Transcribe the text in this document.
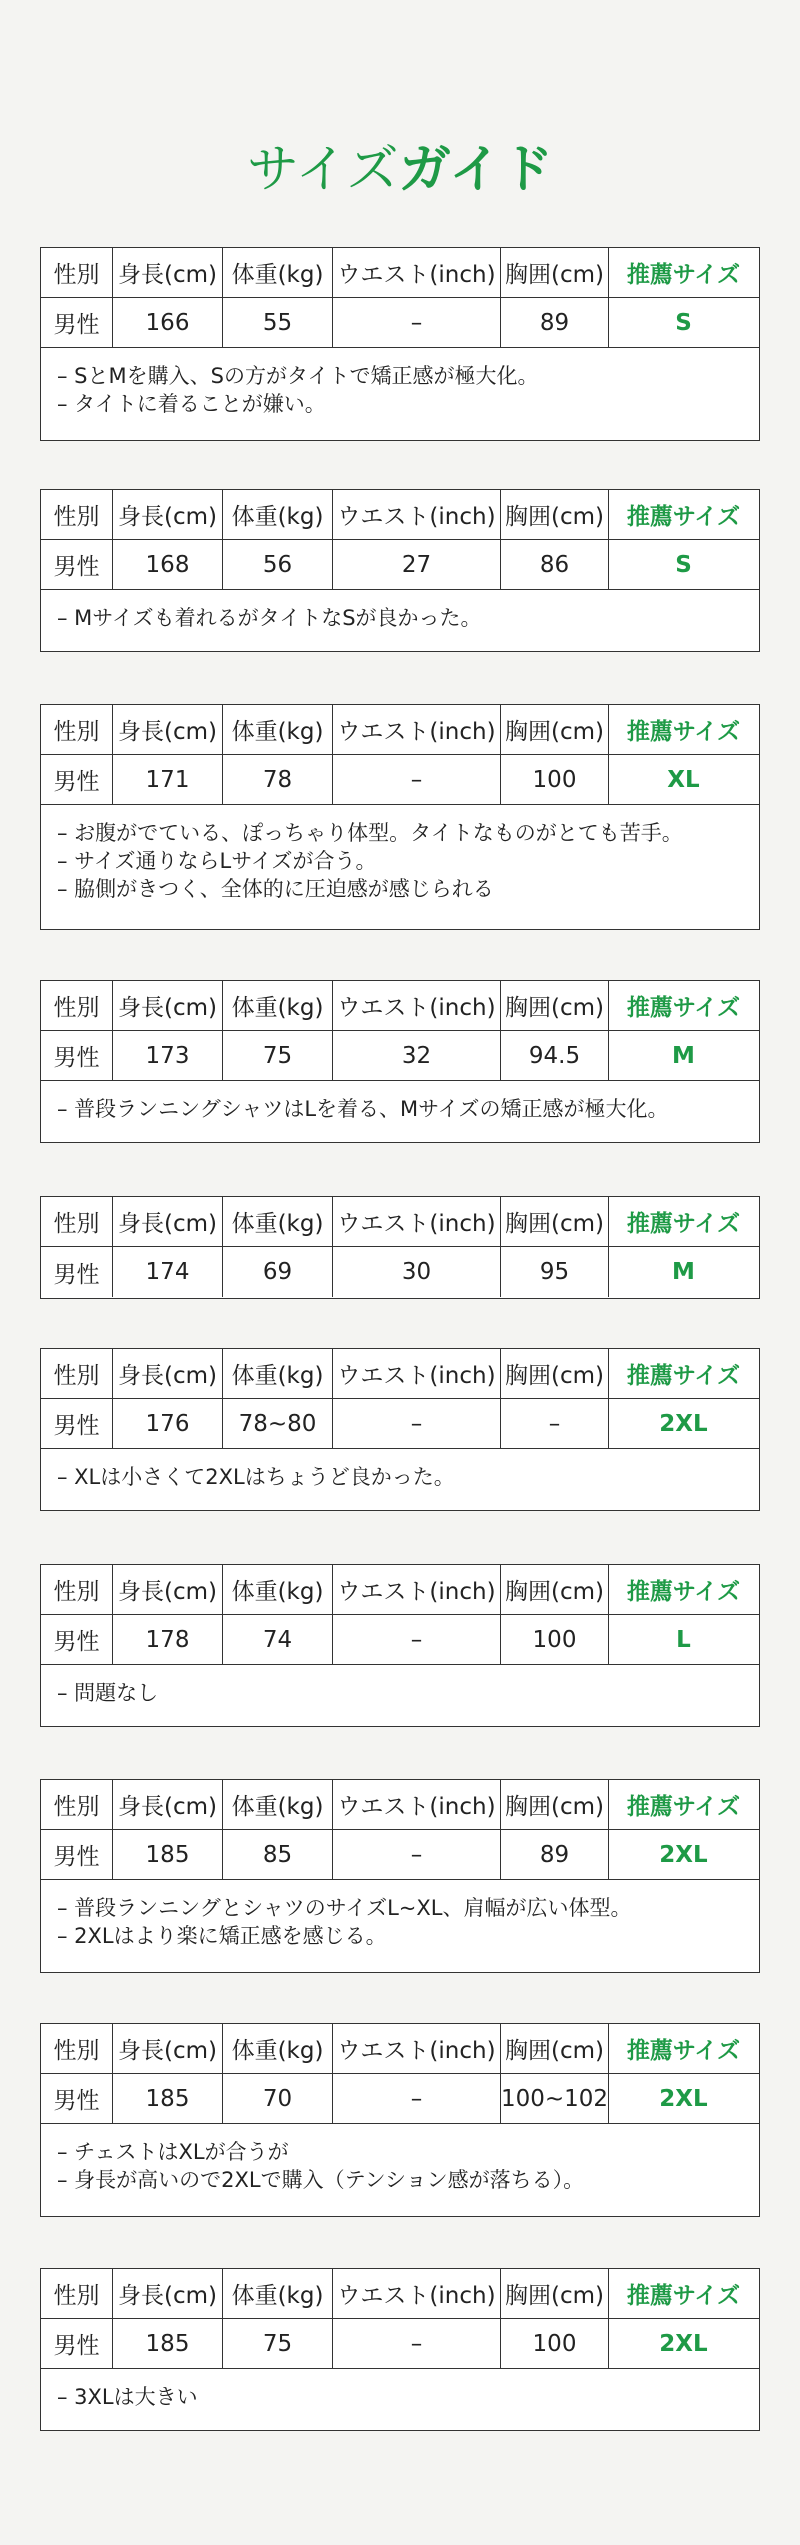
サイズガイド
性別 身長(cm) 体重(kg) ウエスト(inch) 胸囲(cm) 推薦サイズ
男性	166	55	–	89	S
– SとMを購入、Sの方がタイトで矯正感が極大化。
– タイトに着ることが嫌い。
性別 身長(cm) 体重(kg) ウエスト(inch) 胸囲(cm) 推薦サイズ
男性	168	56	27	86	S
– Mサイズも着れるがタイトなSが良かった。
性別 身長(cm) 体重(kg) ウエスト(inch) 胸囲(cm) 推薦サイズ
男性	171	78	–	100	XL
– お腹がでている、ぽっちゃり体型。タイトなものがとても苦手。
– サイズ通りならLサイズが合う。
– 脇側がきつく、全体的に圧迫感が感じられる
性別 身長(cm) 体重(kg) ウエスト(inch) 胸囲(cm) 推薦サイズ
男性	173	75	32	94.5	M
– 普段ランニングシャツはLを着る、Mサイズの矯正感が極大化。
性別 身長(cm) 体重(kg) ウエスト(inch) 胸囲(cm) 推薦サイズ
男性	174	69	30	95	M
性別 身長(cm) 体重(kg) ウエスト(inch) 胸囲(cm) 推薦サイズ
男性	176	78~80	–	–	2XL
– XLは小さくて2XLはちょうど良かった。
性別 身長(cm) 体重(kg) ウエスト(inch) 胸囲(cm) 推薦サイズ
男性	178	74	–	100	L
– 問題なし
性別 身長(cm) 体重(kg) ウエスト(inch) 胸囲(cm) 推薦サイズ
男性	185	85	–	89	2XL
– 普段ランニングとシャツのサイズL~XL、肩幅が広い体型。
– 2XLはより楽に矯正感を感じる。
性別 身長(cm) 体重(kg) ウエスト(inch) 胸囲(cm) 推薦サイズ
男性	185	70	–	100~102	2XL
– チェストはXLが合うが
– 身長が高いので2XLで購入（テンション感が落ちる）。
性別 身長(cm) 体重(kg) ウエスト(inch) 胸囲(cm) 推薦サイズ
男性	185	75	–	100	2XL
– 3XLは大きい
